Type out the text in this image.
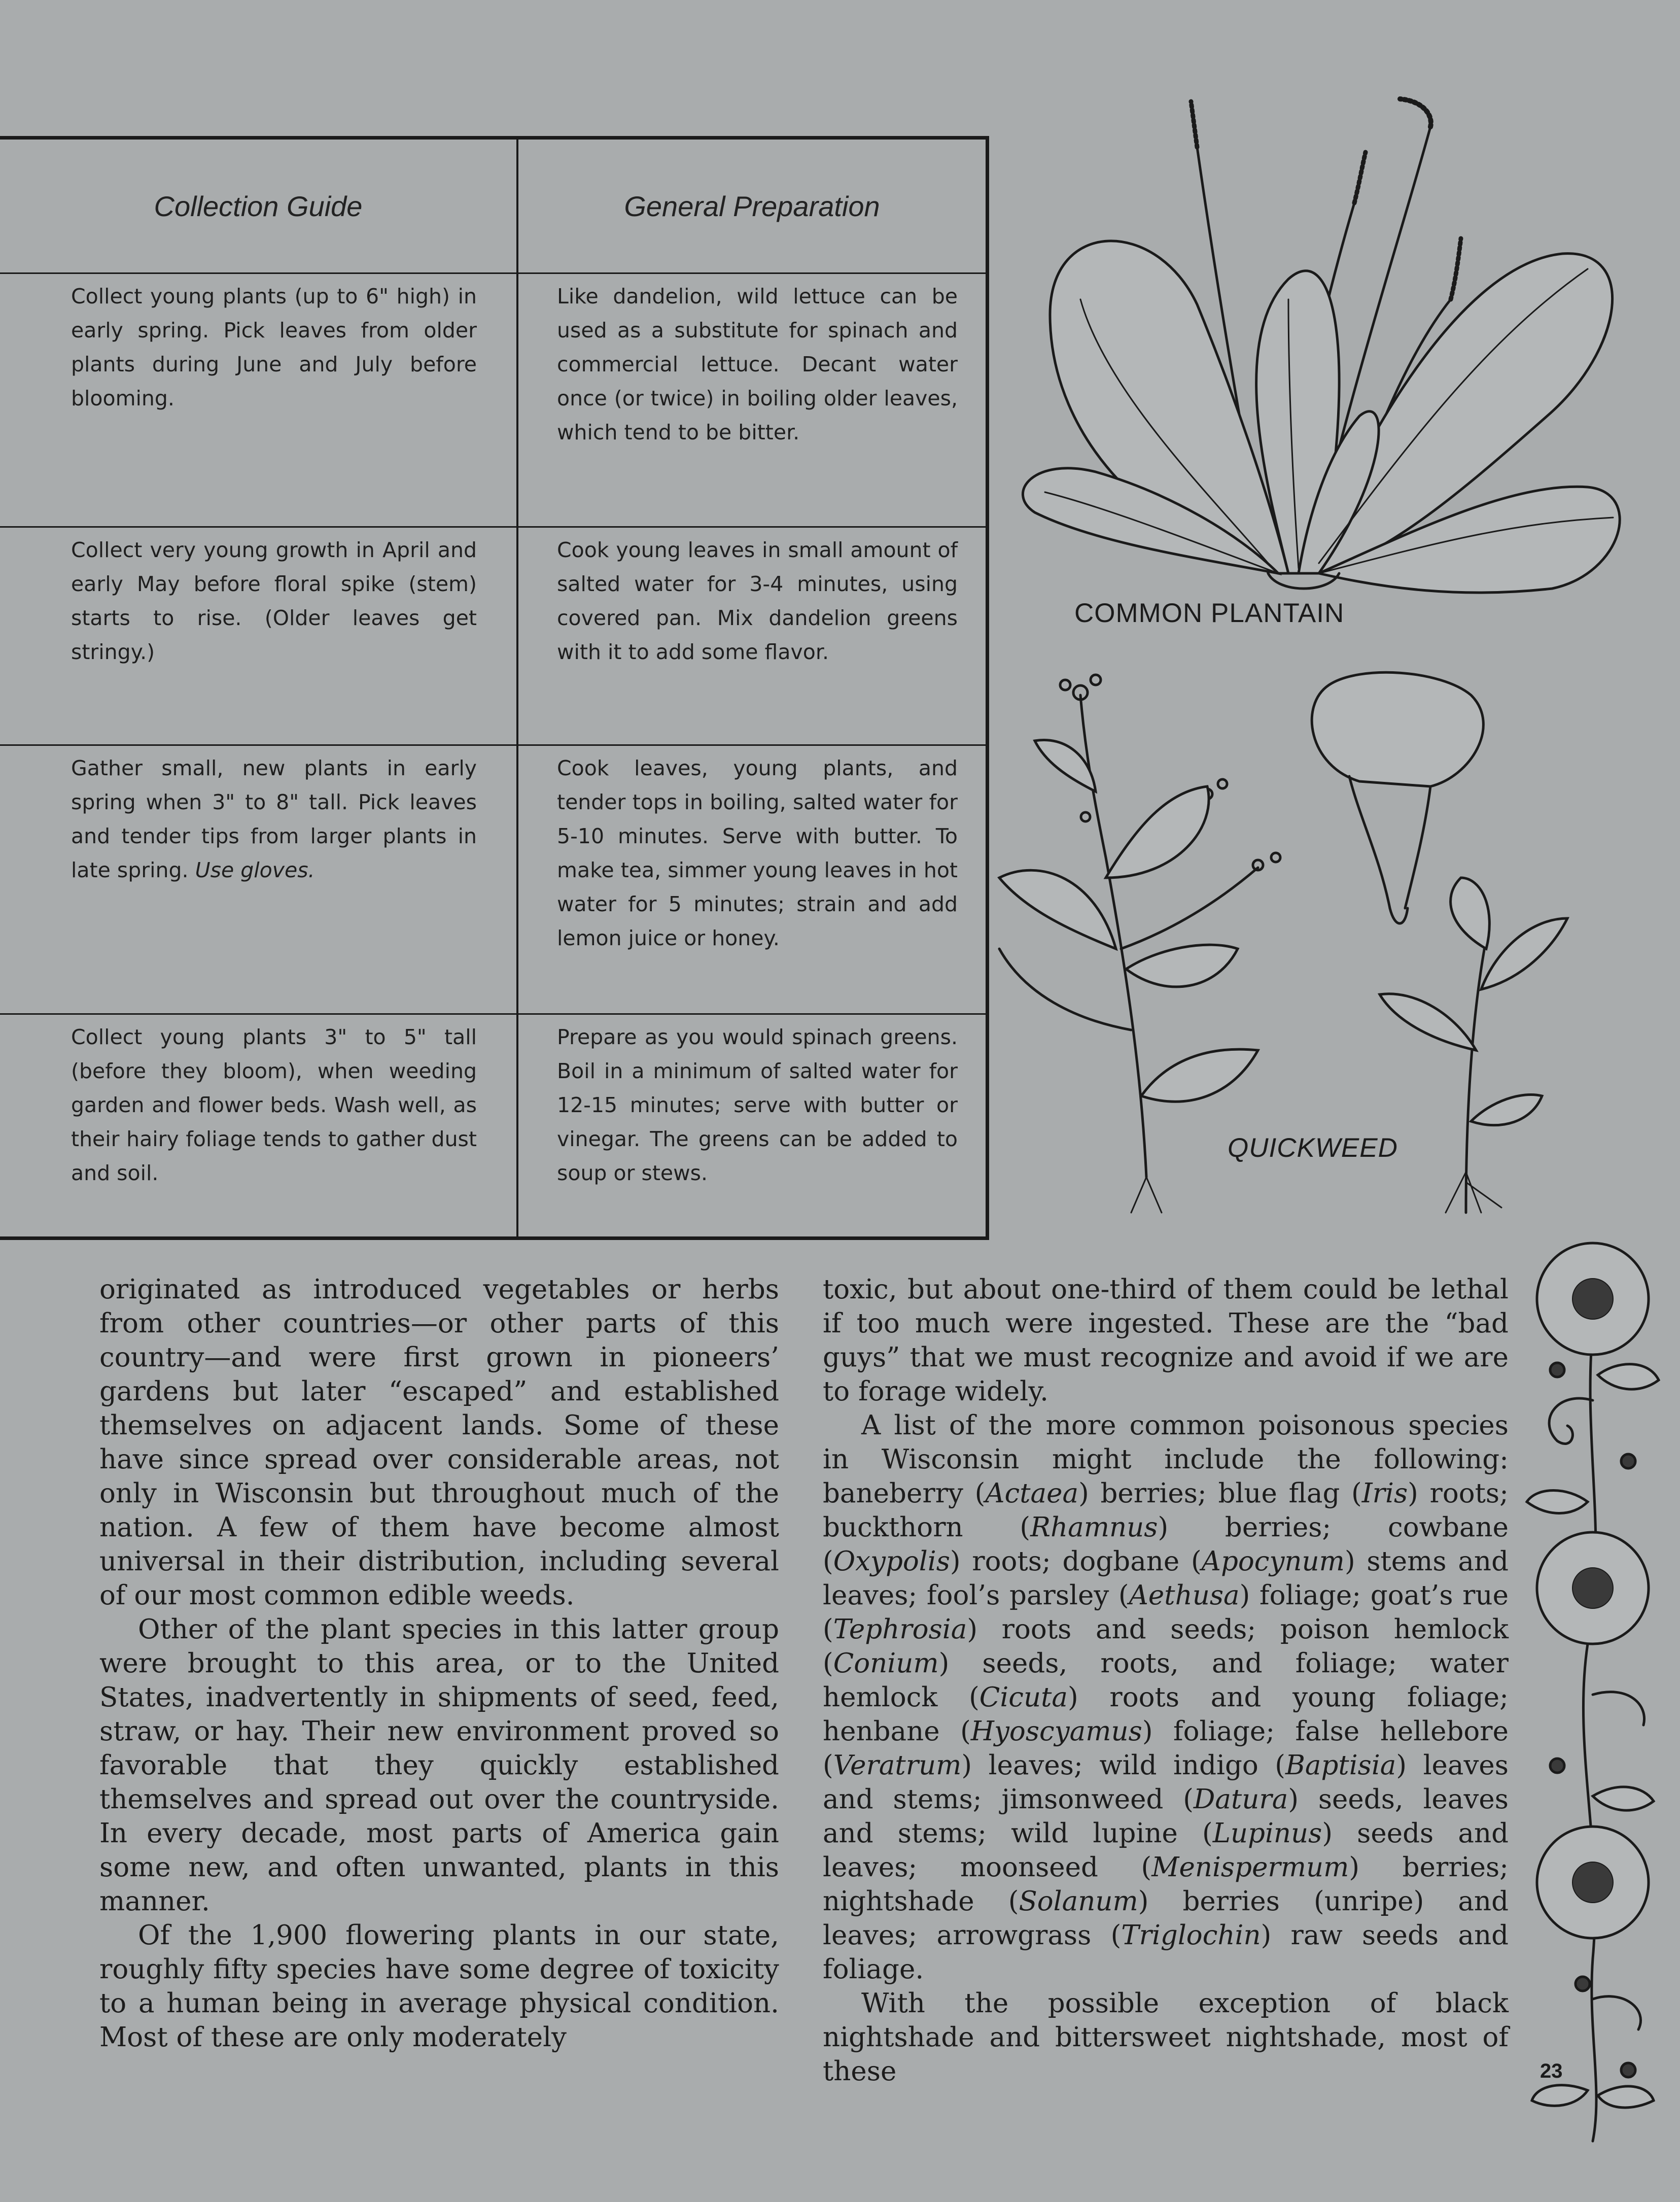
Collection Guide	General Preparation
Collect young plants (up to 6" high) in early spring. Pick leaves from older plants during June and July before blooming.
Like dandelion, wild lettuce can be used as a substitute for spinach and commercial lettuce. Decant water once (or twice) in boiling older leaves, which tend to be bitter.
Collect very young growth in April and early May before floral spike (stem) starts to rise. (Older leaves get stringy.)
Cook young leaves in small amount of salted water for 3-4 minutes, using covered pan. Mix dandelion greens with it to add some flavor.
Gather small, new plants in early spring when 3" to 8" tall. Pick leaves and tender tips from larger plants in late spring. Use gloves.
Cook leaves, young plants, and tender tops in boiling, salted water for 5-10 minutes. Serve with butter. To make tea, simmer young leaves in hot water for 5 minutes; strain and add lemon juice or honey.
Collect young plants 3" to 5" tall (before they bloom), when weeding garden and flower beds. Wash well, as their hairy foliage tends to gather dust and soil.
Prepare as you would spinach greens. Boil in a minimum of salted water for 12-15 minutes; serve with butter or vinegar. The greens can be added to soup or stews.
COMMON PLANTAIN
QUICKWEED

originated as introduced vegetables or herbs from other countries—or other parts of this country—and were first grown in pioneers’ gardens but later “escaped” and established themselves on adjacent lands. Some of these have since spread over considerable areas, not only in Wisconsin but throughout much of the nation. A few of them have become almost universal in their distribution, including several of our most common edible weeds.

Other of the plant species in this latter group were brought to this area, or to the United States, inadvertently in shipments of seed, feed, straw, or hay. Their new environment proved so favorable that they quickly established themselves and spread out over the countryside. In every decade, most parts of America gain some new, and often unwanted, plants in this manner.

Of the 1,900 flowering plants in our state, roughly fifty species have some degree of toxicity to a human being in average physical condition. Most of these are only moderately

toxic, but about one-third of them could be lethal if too much were ingested. These are the “bad guys” that we must recognize and avoid if we are to forage widely.

A list of the more common poisonous species in Wisconsin might include the following: baneberry (Actaea) berries; blue flag (Iris) roots; buckthorn (Rhamnus) berries; cowbane (Oxypolis) roots; dogbane (Apocynum) stems and leaves; fool’s parsley (Aethusa) foliage; goat’s rue (Tephrosia) roots and seeds; poison hemlock (Conium) seeds, roots, and foliage; water hemlock (Cicuta) roots and young foliage; henbane (Hyoscyamus) foliage; false hellebore (Veratrum) leaves; wild indigo (Baptisia) leaves and stems; jimsonweed (Datura) seeds, leaves and stems; wild lupine (Lupinus) seeds and leaves; moonseed (Menispermum) berries; nightshade (Solanum) berries (unripe) and leaves; arrowgrass (Triglochin) raw seeds and foliage.

With the possible exception of black nightshade and bittersweet nightshade, most of these	23
